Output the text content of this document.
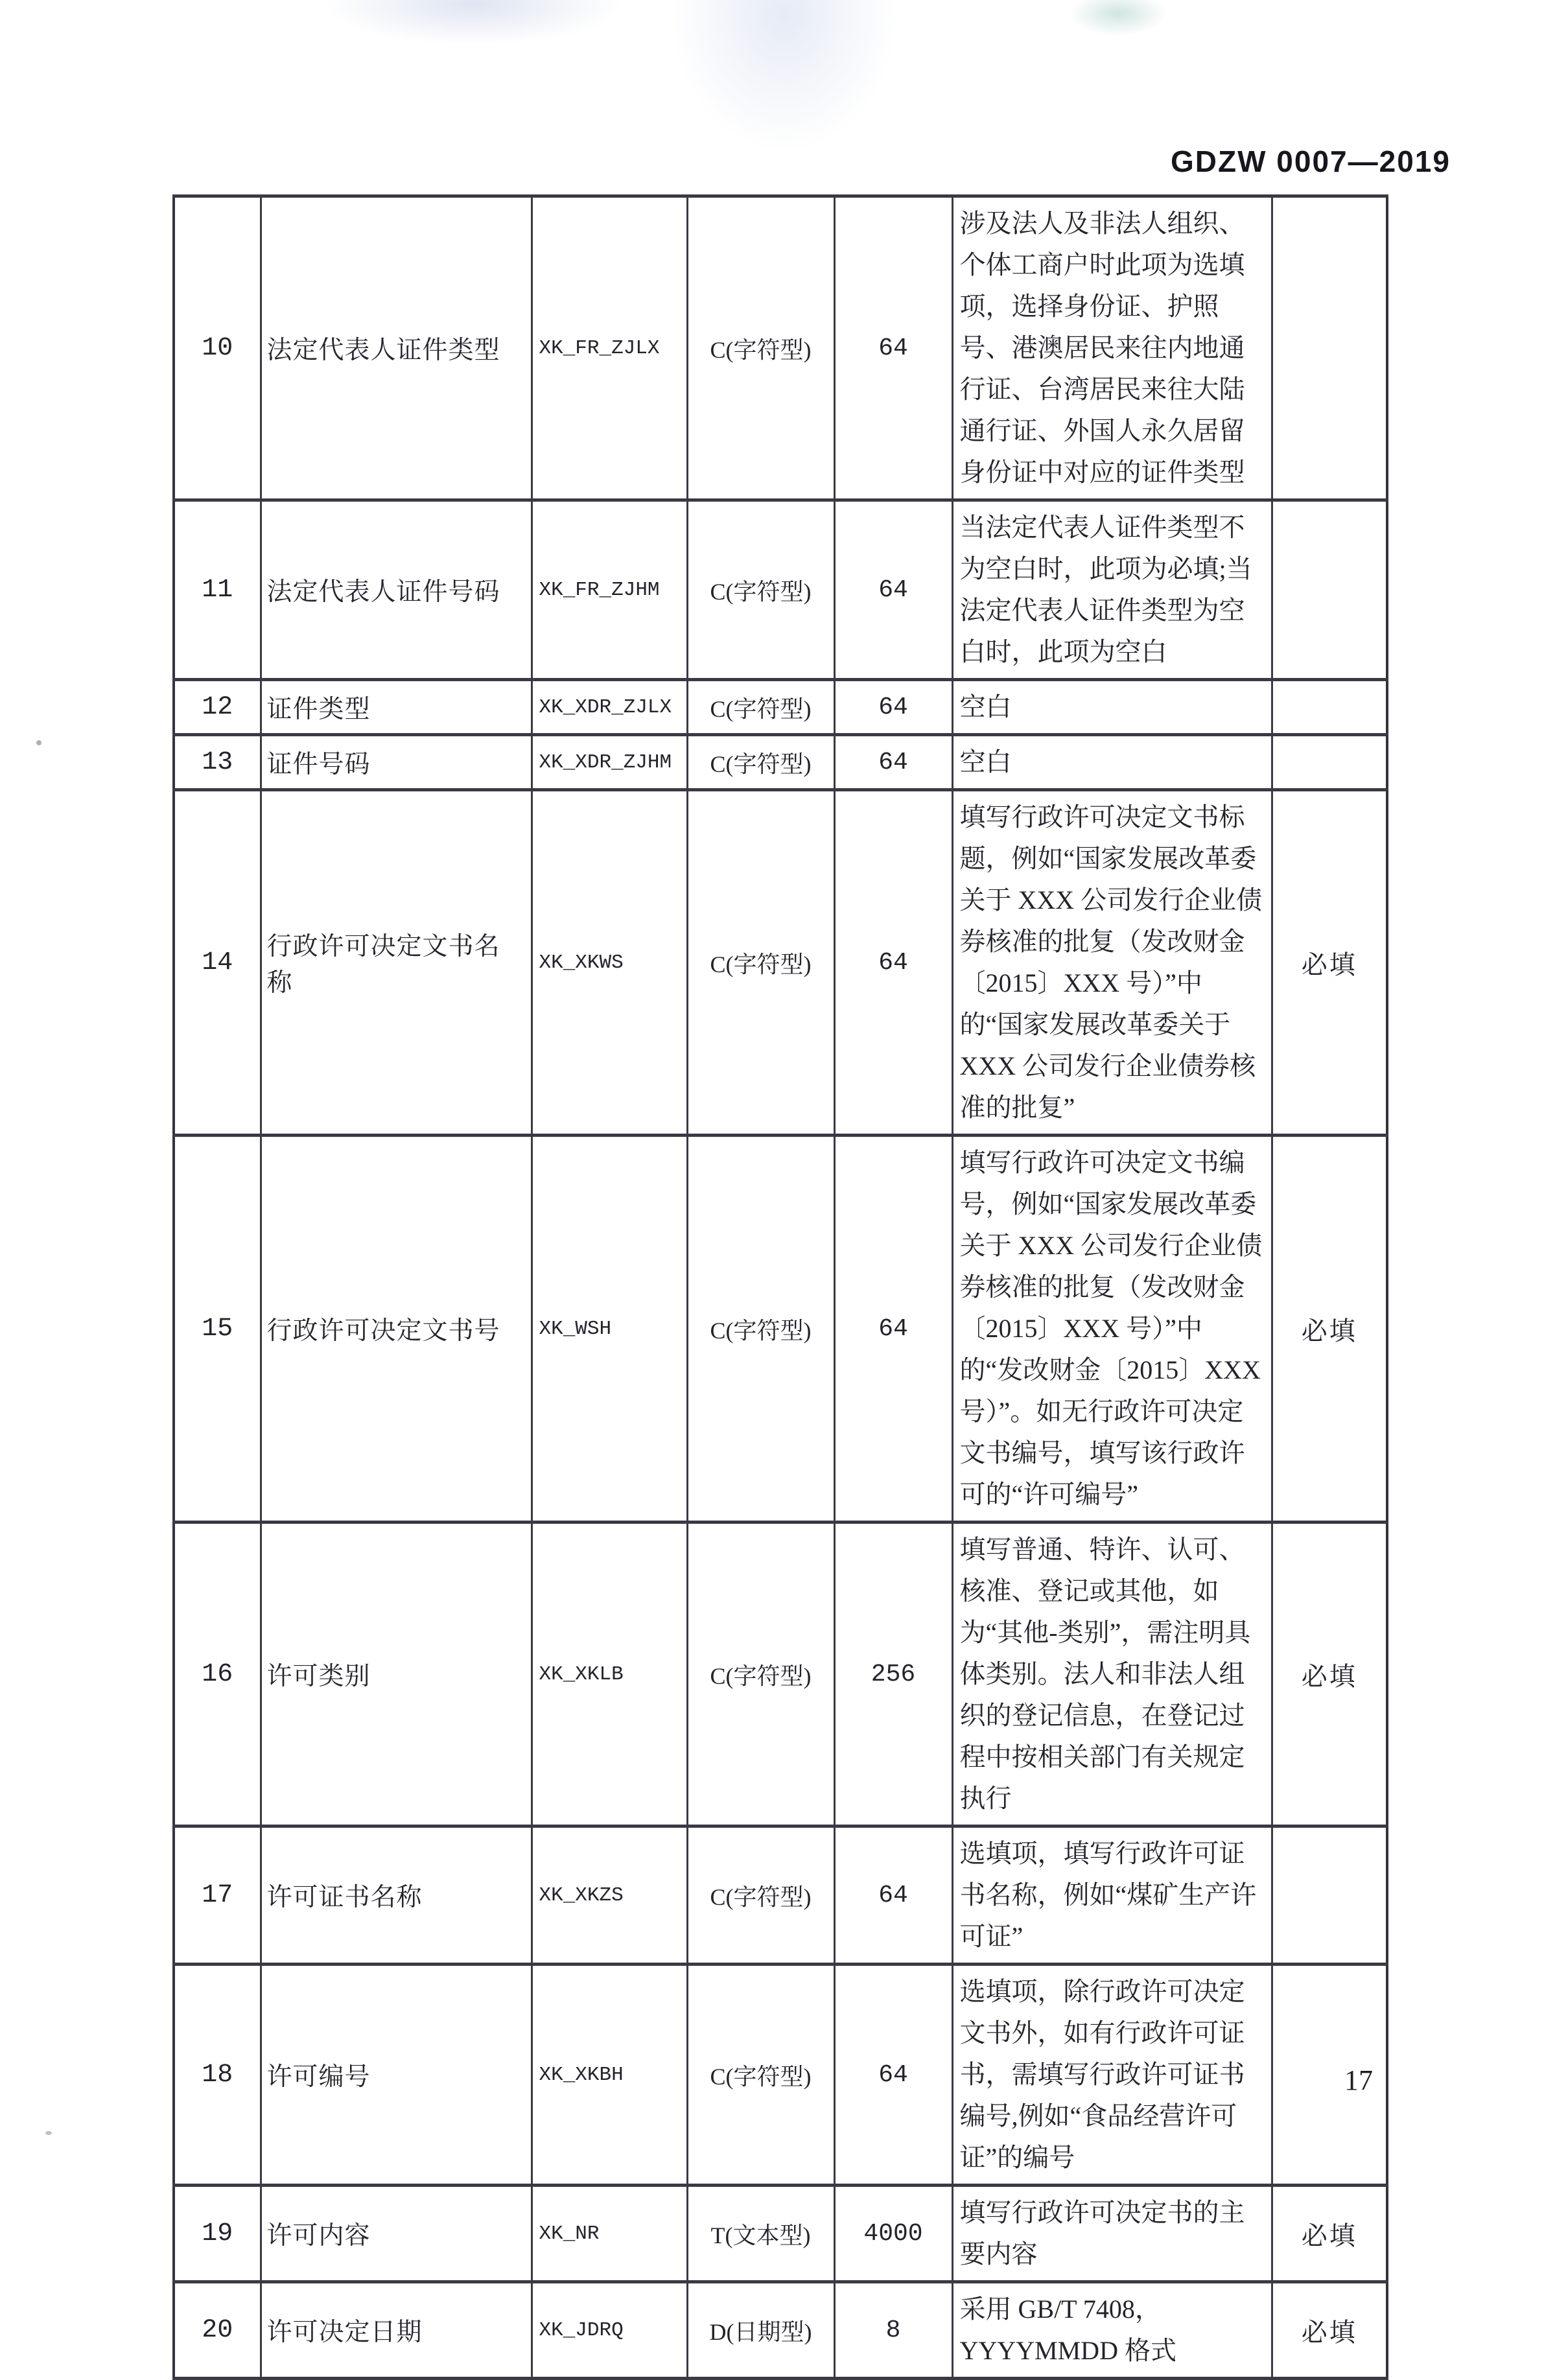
GDZW 0007—2019
10	法定代表人证件类型	XK_FR_ZJLX	C(字符型)	64	涉及法人及非法人组织、个体工商户时此项为选填项，选择身份证、护照号、港澳居民来往内地通行证、台湾居民来往大陆通行证、外国人永久居留身份证中对应的证件类型	
11	法定代表人证件号码	XK_FR_ZJHM	C(字符型)	64	当法定代表人证件类型不为空白时，此项为必填;当法定代表人证件类型为空白时，此项为空白	
12	证件类型	XK_XDR_ZJLX	C(字符型)	64	空白	
13	证件号码	XK_XDR_ZJHM	C(字符型)	64	空白	
14	行政许可决定文书名称	XK_XKWS	C(字符型)	64	填写行政许可决定文书标题，例如“国家发展改革委关于 XXX 公司发行企业债券核准的批复（发改财金〔2015〕XXX 号）”中的“国家发展改革委关于 XXX 公司发行企业债券核准的批复”	必填
15	行政许可决定文书号	XK_WSH	C(字符型)	64	填写行政许可决定文书编号，例如“国家发展改革委关于 XXX 公司发行企业债券核准的批复（发改财金〔2015〕XXX 号）”中的“发改财金〔2015〕XXX 号）”。如无行政许可决定文书编号，填写该行政许可的“许可编号”	必填
16	许可类别	XK_XKLB	C(字符型)	256	填写普通、特许、认可、核准、登记或其他，如为“其他-类别”，需注明具体类别。法人和非法人组织的登记信息，在登记过程中按相关部门有关规定执行	必填
17	许可证书名称	XK_XKZS	C(字符型)	64	选填项，填写行政许可证书名称，例如“煤矿生产许可证”	
18	许可编号	XK_XKBH	C(字符型)	64	选填项，除行政许可决定文书外，如有行政许可证书，需填写行政许可证书编号,例如“食品经营许可证”的编号	
19	许可内容	XK_NR	T(文本型)	4000	填写行政许可决定书的主要内容	必填
20	许可决定日期	XK_JDRQ	D(日期型)	8	采用 GB/T 7408，YYYYMMDD 格式	必填
17
